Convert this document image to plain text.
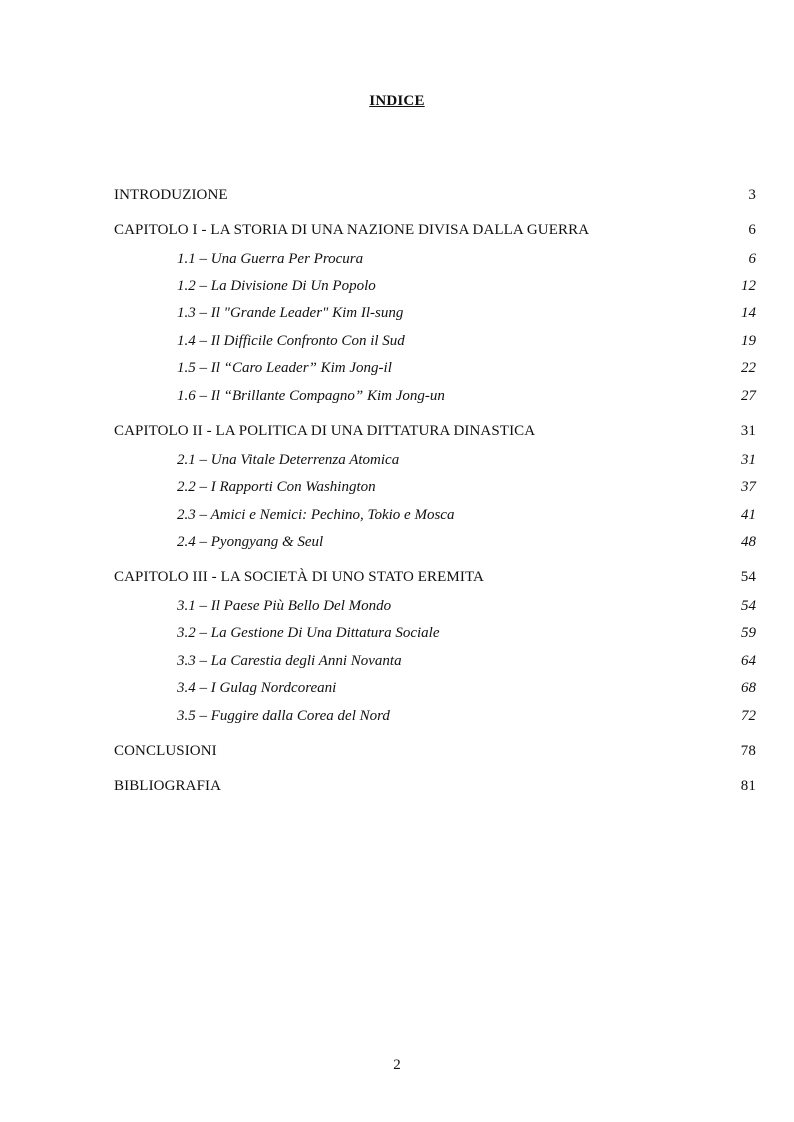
INDICE
INTRODUZIONE	3
CAPITOLO I - LA STORIA DI UNA NAZIONE DIVISA DALLA GUERRA	6
1.1 – Una Guerra Per Procura	6
1.2 – La Divisione Di Un Popolo	12
1.3 – Il "Grande Leader" Kim Il-sung	14
1.4 – Il Difficile Confronto Con il Sud	19
1.5 – Il “Caro Leader” Kim Jong-il	22
1.6 – Il “Brillante Compagno” Kim Jong-un	27
CAPITOLO II - LA POLITICA DI UNA DITTATURA DINASTICA	31
2.1 – Una Vitale Deterrenza Atomica	31
2.2 – I Rapporti Con Washington	37
2.3 – Amici e Nemici: Pechino, Tokio e Mosca	41
2.4 – Pyongyang & Seul	48
CAPITOLO III - LA SOCIETÀ DI UNO STATO EREMITA	54
3.1 – Il Paese Più Bello Del Mondo	54
3.2 – La Gestione Di Una Dittatura Sociale	59
3.3 – La Carestia degli Anni Novanta	64
3.4 – I Gulag Nordcoreani	68
3.5 – Fuggire dalla Corea del Nord	72
CONCLUSIONI	78
BIBLIOGRAFIA	81
2
